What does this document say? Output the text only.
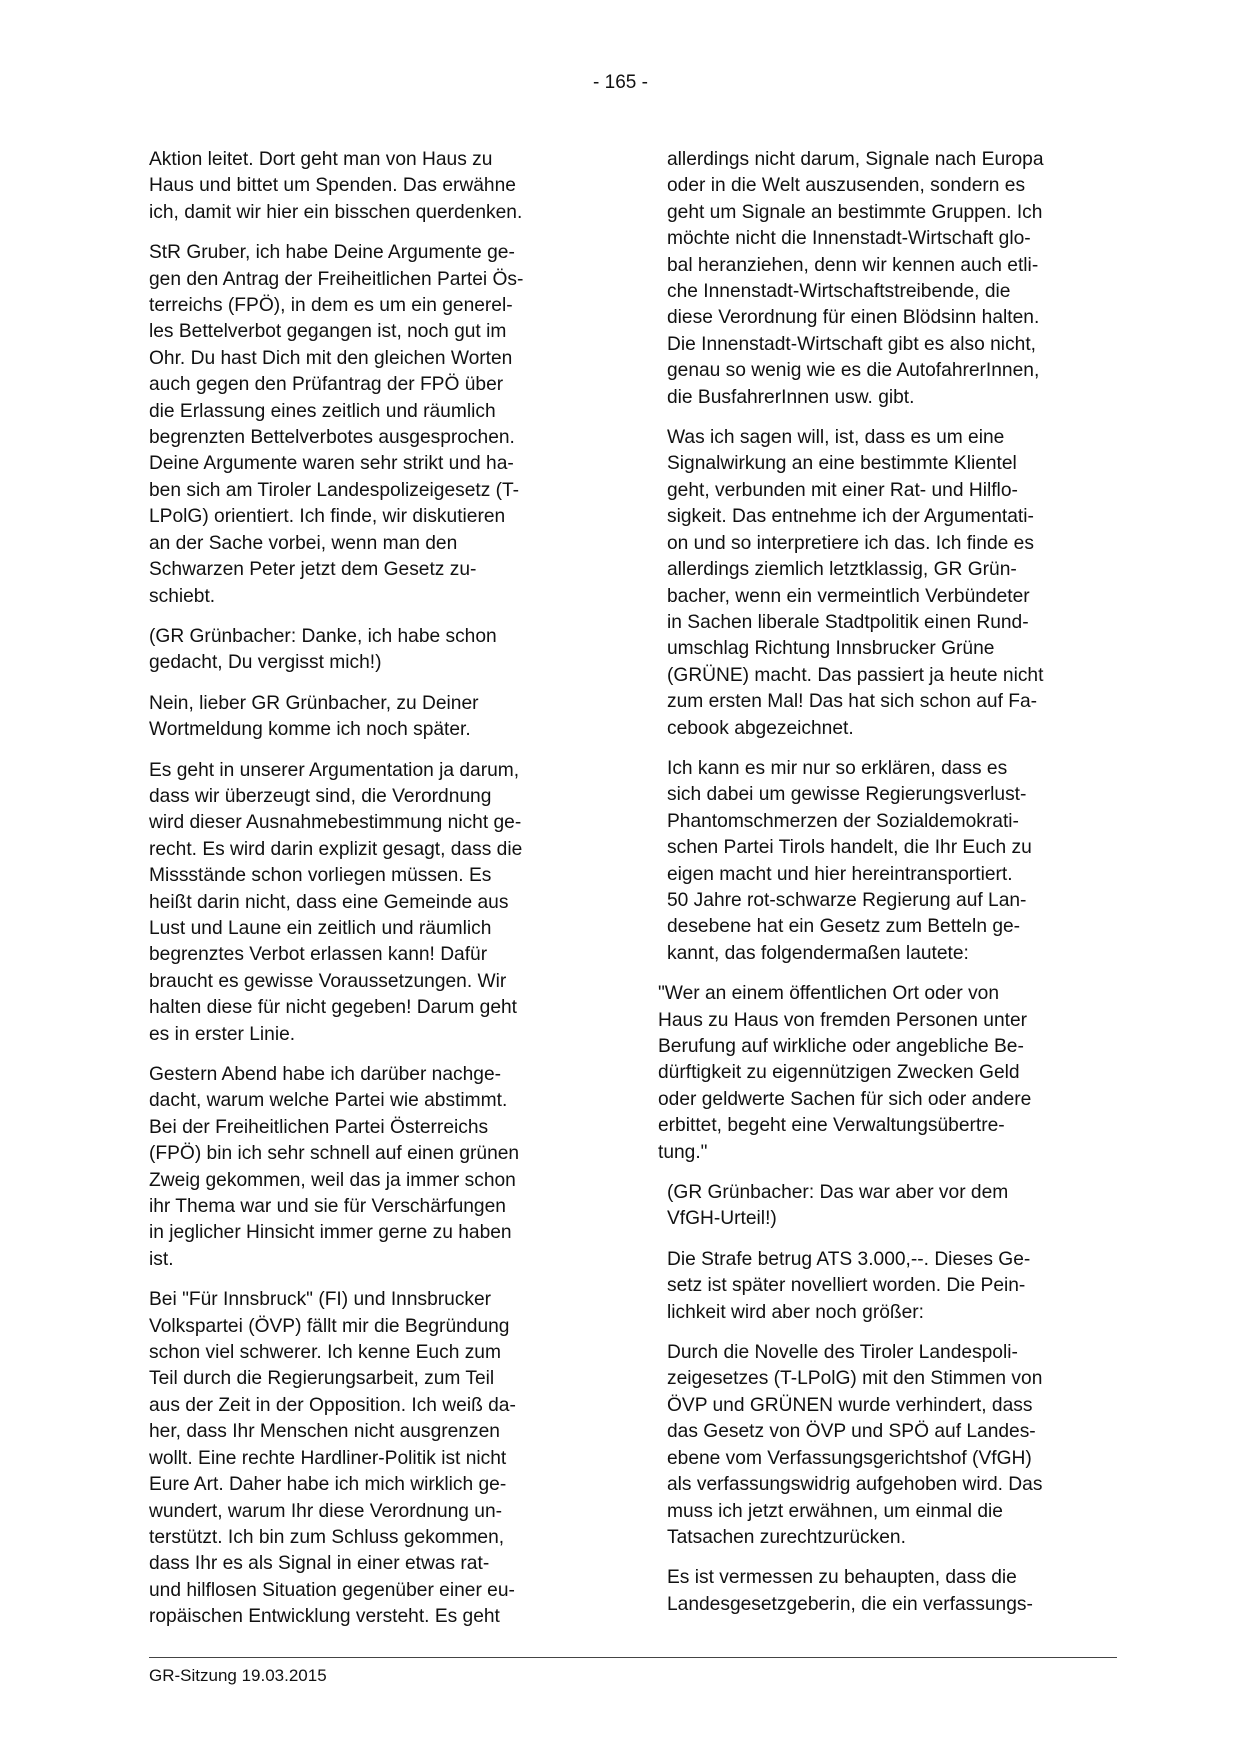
- 165 -

Aktion leitet. Dort geht man von Haus zu
Haus und bittet um Spenden. Das erwähne
ich, damit wir hier ein bisschen querdenken.

StR Gruber, ich habe Deine Argumente ge-
gen den Antrag der Freiheitlichen Partei Ös-
terreichs (FPÖ), in dem es um ein generel-
les Bettelverbot gegangen ist, noch gut im
Ohr. Du hast Dich mit den gleichen Worten
auch gegen den Prüfantrag der FPÖ über
die Erlassung eines zeitlich und räumlich
begrenzten Bettelverbotes ausgesprochen.
Deine Argumente waren sehr strikt und ha-
ben sich am Tiroler Landespolizeigesetz (T-
LPolG) orientiert. Ich finde, wir diskutieren
an der Sache vorbei, wenn man den
Schwarzen Peter jetzt dem Gesetz zu-
schiebt.

(GR Grünbacher: Danke, ich habe schon
gedacht, Du vergisst mich!)

Nein, lieber GR Grünbacher, zu Deiner
Wortmeldung komme ich noch später.

Es geht in unserer Argumentation ja darum,
dass wir überzeugt sind, die Verordnung
wird dieser Ausnahmebestimmung nicht ge-
recht. Es wird darin explizit gesagt, dass die
Missstände schon vorliegen müssen. Es
heißt darin nicht, dass eine Gemeinde aus
Lust und Laune ein zeitlich und räumlich
begrenztes Verbot erlassen kann! Dafür
braucht es gewisse Voraussetzungen. Wir
halten diese für nicht gegeben! Darum geht
es in erster Linie.

Gestern Abend habe ich darüber nachge-
dacht, warum welche Partei wie abstimmt.
Bei der Freiheitlichen Partei Österreichs
(FPÖ) bin ich sehr schnell auf einen grünen
Zweig gekommen, weil das ja immer schon
ihr Thema war und sie für Verschärfungen
in jeglicher Hinsicht immer gerne zu haben
ist.

Bei "Für Innsbruck" (FI) und Innsbrucker
Volkspartei (ÖVP) fällt mir die Begründung
schon viel schwerer. Ich kenne Euch zum
Teil durch die Regierungsarbeit, zum Teil
aus der Zeit in der Opposition. Ich weiß da-
her, dass Ihr Menschen nicht ausgrenzen
wollt. Eine rechte Hardliner-Politik ist nicht
Eure Art. Daher habe ich mich wirklich ge-
wundert, warum Ihr diese Verordnung un-
terstützt. Ich bin zum Schluss gekommen,
dass Ihr es als Signal in einer etwas rat-
und hilflosen Situation gegenüber einer eu-
ropäischen Entwicklung versteht. Es geht

allerdings nicht darum, Signale nach Europa
oder in die Welt auszusenden, sondern es
geht um Signale an bestimmte Gruppen. Ich
möchte nicht die Innenstadt-Wirtschaft glo-
bal heranziehen, denn wir kennen auch etli-
che Innenstadt-Wirtschaftstreibende, die
diese Verordnung für einen Blödsinn halten.
Die Innenstadt-Wirtschaft gibt es also nicht,
genau so wenig wie es die AutofahrerInnen,
die BusfahrerInnen usw. gibt.

Was ich sagen will, ist, dass es um eine
Signalwirkung an eine bestimmte Klientel
geht, verbunden mit einer Rat- und Hilflo-
sigkeit. Das entnehme ich der Argumentati-
on und so interpretiere ich das. Ich finde es
allerdings ziemlich letztklassig, GR Grün-
bacher, wenn ein vermeintlich Verbündeter
in Sachen liberale Stadtpolitik einen Rund-
umschlag Richtung Innsbrucker Grüne
(GRÜNE) macht. Das passiert ja heute nicht
zum ersten Mal! Das hat sich schon auf Fa-
cebook abgezeichnet.

Ich kann es mir nur so erklären, dass es
sich dabei um gewisse Regierungsverlust-
Phantomschmerzen der Sozialdemokrati-
schen Partei Tirols handelt, die Ihr Euch zu
eigen macht und hier hereintransportiert.
50 Jahre rot-schwarze Regierung auf Lan-
desebene hat ein Gesetz zum Betteln ge-
kannt, das folgendermaßen lautete:

"Wer an einem öffentlichen Ort oder von
Haus zu Haus von fremden Personen unter
Berufung auf wirkliche oder angebliche Be-
dürftigkeit zu eigennützigen Zwecken Geld
oder geldwerte Sachen für sich oder andere
erbittet, begeht eine Verwaltungsübertre-
tung."

(GR Grünbacher: Das war aber vor dem
VfGH-Urteil!)

Die Strafe betrug ATS 3.000,--. Dieses Ge-
setz ist später novelliert worden. Die Pein-
lichkeit wird aber noch größer:

Durch die Novelle des Tiroler Landespoli-
zeigesetzes (T-LPolG) mit den Stimmen von
ÖVP und GRÜNEN wurde verhindert, dass
das Gesetz von ÖVP und SPÖ auf Landes-
ebene vom Verfassungsgerichtshof (VfGH)
als verfassungswidrig aufgehoben wird. Das
muss ich jetzt erwähnen, um einmal die
Tatsachen zurechtzurücken.

Es ist vermessen zu behaupten, dass die
Landesgesetzgeberin, die ein verfassungs-

GR-Sitzung 19.03.2015
